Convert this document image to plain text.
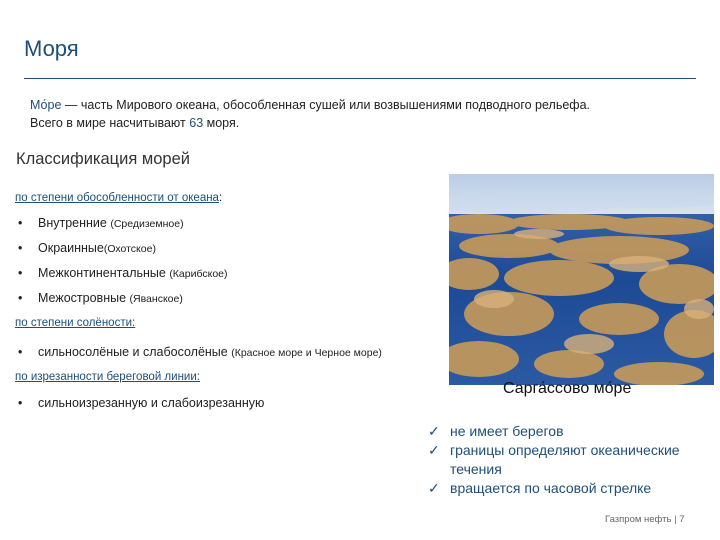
Моря
Мо́ре — часть Мирового океана, обособленная сушей или возвышениями подводного рельефа.
Всего в мире насчитывают 63 моря.
Классификация морей
по степени обособленности от океана:
• Внутренние (Средиземное)
• Окраинные(Охотское)
• Межконтинентальные (Карибское)
• Межостровные (Яванское)
по степени солёности:
• сильносолёные и слабосолёные (Красное море и Черное море)
по изрезанности береговой линии:
• сильноизрезанную и слабоизрезанную
Сарга́ссово мо́ре
✓ не имеет берегов
✓ границы определяют океанические течения
✓ вращается по часовой стрелке
Газпром нефть | 7
